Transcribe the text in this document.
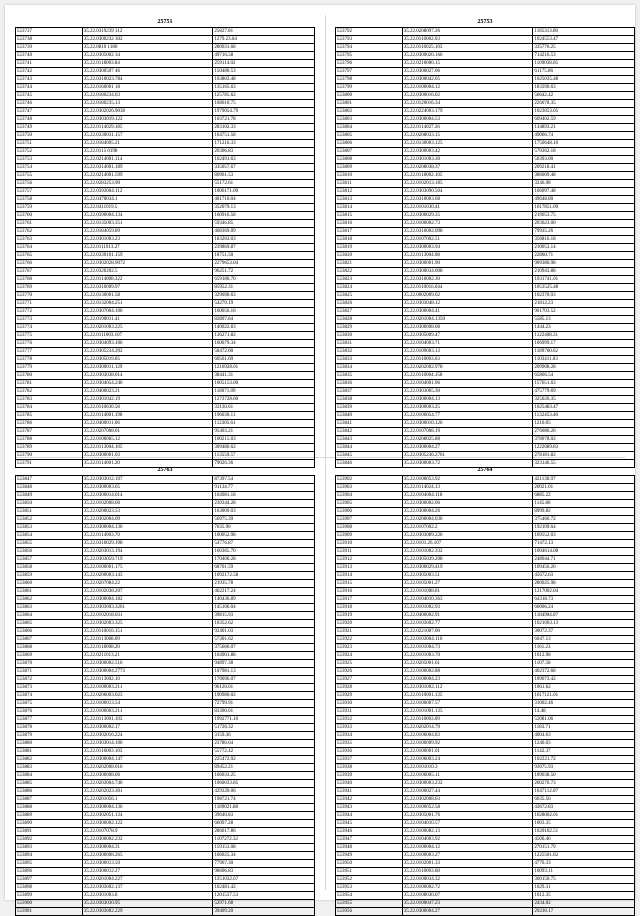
25751
553737	35.22.0319239 112	25827.81
553738	35.22.0300232 302	1279.23.64
553739	35.22.0810 1180	280031.68
553740	35.22.0305002 34	49716.58
553741	35.22.0118003.84	259114.02
553742	35.22.0300507 46	150480.53
553743	35.22.0310023.784	103803.48
553744	35.22.0160001 18	135165.63
553745	35.22.0180234.63	125785.62
553746	35.22.0180235.13	168010.75
553747	35.22.0302026.9038	1979054.79
553748	35.22.0303019.122	103721.78
553749	35.22.0114029.185	283102.33
553750	35.22.0330031.157	104751.58
553751	35.22.0184005.21	171216.33
553752	35.22.0115 0198	20306.83
553753	35.22.0214001.114	162491.63
553754	35.22.0314001.189	335057.67
553755	35.22.0214001.599	80961.53
553756	35.22.0283253.90	55172.61
553757	35.22.0393004.112	1006171.09
553758	35.22.0470034.1	481710.04
553759	35.22.0411019.5	352079.13
553760	35.22.0390004.134	160916.58
553761	35.22.0135003.351	59346.85
553762	35.22.0184059.89	468369.09
553763	35.22.0301003.23	183203.03
553764	35.22.0111013.27	239869.87
553765	35.22.0330101.159	18751.50
553766	35.22.0302028.9072	2279653.04
553767	35.22.0320202.5	96251.72
553768	35.22.0114008.322	659180.70
553769	35.22.0310009.97	85952.31
553770	35.22.0130001.58	329690.63
553771	35.22.0132004.251	54270.19
553772	35.22.0307004.100	160056.16
553773	35.22.0190011.41	82807.84
553774	35.22.0201003.225	140022.83
553775	35.22.0111003.107	136271.82
553776	35.22.0304093.106	160079.34
553777	35.22.0305234.202	58472.60
553778	35.22.0305019.85	60561.69
553779	35.22.0300011.129	1216928.01
553780	35.22.0303038.014	38441.31
553781	35.22.0304054.240	1005153.00
553782	35.22.0400023.21	118071.09
553783	35.22.0301042.19	1273728.60
553784	35.22.0110030.58	33130.61
553785	35.22.0114001.198	196030.11
553786	35.22.0400011.06	112305.61
553787	35.22.0207008.01	95403.21
553788	35.22.0100065.12	100215.03
553789	35.22.0113004.105	309480.62
553790	35.22.0300001.03	113559.57
553791	35.22.0114001.20	79026.36
25753
553792	35.22.0208097.26	1185313.80
553793	35.22.0110002.03	1024553.47
553794	35.22.0110025.103	335776.25
553795	35.22.0300020.166	714216.53
553796	35.22.0210000.15	1109038.05
553797	35.22.0300027.06	61175.86
553798	35.22.0300042.05	1025035.48
553799	35.22.0100004.12	183390.63
553800	35.22.0300016.02	56642.42
553801	35.22.0120016.34	226078.35
553802	35.22.0224003.179	1023053.05
553803	35.22.0300004.53	669402.59
553804	35.22.0114027.26	134893.21
553805	35.22.0208033.15	49066.74
553806	35.22.0130003.125	1750648.10
553807	35.22.0300003.42	570362.18
553808	35.22.0301003.30	50393.00
553809	35.22.0208038.37	209218.41
553810	35.22.0118002.105	386009.48
553811	35.22.0102013.185	3246.98
553812	35.22.0303090.504	166097.48
553813	35.22.0310003.68	49648.80
553814	35.22.0101030.41	1017851.09
553815	35.22.0300029.35	219653.75
553816	35.22.0100002.73	203623.00
553817	35.22.0310002.098	79935.26
553818	35.22.0107002.51	356816.18
553819	35.22.0300003.94	210053.14
553820	35.22.0113004.08	22860.71
553821	35.22.0300001.90	909380.98
553822	35.22.0300034.008	210943.88
553823	35.22.0310002.30	1031741.01
553824	35.22.0110016.044	1053525.48
553825	35.22.0002009.02	102370.93
553826	35.22.0303048.12	21812.23
553827	35.22.0300004.41	961703.52
553828	35.22.0201004.1350	5585.13
553829	35.22.0300008.08	1444.23
553830	35.22.0305009.47	1122408.31
553831	35.22.0104003.71	106999.17
553832	35.22.0109003.13	1189760.62
553833	35.22.0110003.63	1103411.03
553834	35.22.0202002.978	209908.28
553835	35.22.0110004.158	65866.54
553836	35.22.0104001.96	157651.63
553837	35.22.0303005.30	475779.69
553838	35.22.0300004.13	325026.35
553839	35.22.0300003.25	1025483.47
553840	35.22.0106054.77	1132453.40
553841	35.22.0300010.126	1210.05
553842	35.22.0107008.19	276086.26
553843	35.22.0208025.88	378078.02
553844	35.22.0300004.27	1222089.83
553845	35.22.0305236.2761	278181.82
553846	35.22.0300003.72	323146.55
25763
553847	35.22.0303012.107	87397.54
553848	35.22.0300003.65	91134.77
553849	35.22.0300014.014	104981.18
553850	35.22.0102008.60	230344.28
553851	35.22.0200023.53	163009.03
553852	35.22.0302004.09	56975.39
553853	35.22.0300004.130	7635.90
553854	35.22.0114003.70	100052.98
553855	35.22.0310029.198	54776.87
553856	35.22.0203013.194	160365.70
553857	35.22.0303059.719	170400.28
553858	35.22.0100001.175	68701.59
553859	35.22.0200003.143	1092172.58
553860	35.22.0207084.22	21935.78
553861	35.22.0102038.207	462217.24
553862	35.22.0300004.182	140436.89
553863	35.22.0303003.3261	145106.04
553864	35.22.0102018.031	39815.93
553865	35.22.0302003.325	10352.62
553866	35.22.0110010.151	92401.03
553867	35.22.0113008.09	57301.62
553868	35.22.0118008.20	375666.07
553869	35.22.0211013.21	104901.88
553870	35.22.0300002.516	94897.38
553871	35.22.0300004.2773	107981.13
553872	35.22.0113002.10	170696.07
553873	35.22.0100003.211	96120.01
553874	35.22.0206003.023	190980.02
553875	35.22.0100013.54	72799.91
553876	35.22.0100063.211	83300.01
553877	35.22.0113001.103	1992771.10
553878	35.22.0300002.17	51726.32
553879	35.22.0302016.224	3159.36
553880	35.22.0303014.100	23780.64
553881	35.22.0116003.103	55772.42
553882	35.22.0300004.147	225472.92
553883	35.22.0202008.016	89452.21
553884	35.22.0300008.06	166033.25
553885	35.22.0203004.740	1060033.85
553886	35.22.0202023.301	429320.06
553887	35.22.0201056.1	198721.74
553888	35.22.0300004.136	1189021.88
553889	35.22.0302051.134	39640.83
553890	35.22.0300002.122	66097.28
553891	35.22.0107078.9	286017.86
553892	35.22.0300002.232	1107272.32
553893	35.22.0300004.31	159153.08
553894	35.22.0300008.265	166025.34
553895	35.22.0300013.50	77967.30
553896	35.22.0300012.27	98606.83
553897	35.22.0201004.227	1251032.67
553898	35.22.0303002.137	162481.42
553899	35.22.0301003.8	1201537.53
553900	35.22.0303030.95	52971.68
553901	35.22.0303002.229	39409.20
25764
553902	35.22.0100053.92	421130.97
553903	35.22.0114024.13	20021.01
553904	35.22.0104004.118	6885.22
553905	35.22.0300002.06	1145.86
553906	35.22.0300004.26	8999.82
553907	35.22.0200004.030	375466.72
553908	35.22.0107002.2	192109.64
553909	35.22.0303089.220	169552.03
553910	35.22.0101.26.107	71472.13
553911	35.22.0101002.332	1004614.08
553912	35.22.0305039.208	248044.71
553913	35.22.0300029.419	109456.20
553914	35.22.0305003.51	45672.63
553915	35.22.0105001.27	280025.98
553916	35.22.0101008.81	1217002.04
553917	35.22.0104010.363	64318.73
553918	35.22.0101002.93	60006.24
553919	35.22.0400002.91	1184904.07
553920	35.22.0103002.77	1021003.13
553921	35.22.0221007.00	30072.37
553922	35.22.0103004.110	6047.13
553923	35.22.0101004.73	1161.23
553924	35.22.0101003.70	1012.98
553925	35.22.0205001.61	1107.58
553926	35.22.0100002.88	402372.68
553927	35.22.0100004.23	109073.42
553928	35.22.0301002.112	1061.62
553929	35.22.0110001.135	1017121.01
553930	35.22.0100007.57	31002.46
553931	35.22.0101001.135	14.48
553932	35.22.0110003.09	52081.06
553933	35.22.0202014.79	1183.71
553934	35.22.0106004.83	4004.63
553935	35.22.0100009.92	1240.03
553936	35.22.0100001.01	1142.37
553937	35.22.0106003.24	102221.72
553938	35.22.0101010.3	93075.93
553939	35.22.0106005.11	109038.50
553940	35.22.0300003.232	260270.73
553941	35.22.0100027.44	1047112.07
553942	35.22.0302008.63	6035.56
553943	35.22.0100052.58	43672.83
553944	35.22.0305001.76	1028002.01
553945	35.22.0104010.57	1003.35
553946	35.22.0100082.13	1020102.51
553947	35.22.0104003.92	4500.46
553948	35.22.0100004.12	270151.79
553949	35.22.0100003.27	1225501.82
553950	35.22.0102001.33	4770.33
553951	35.22.0110003.68	10093.11
553952	35.22.0100034.32	360150.75
553953	35.22.0100002.72	1029.31
553954	35.22.0108030.07	1012.35
553955	35.22.0100047.23	2434.02
553956	35.22.0300004.27	29230.17
